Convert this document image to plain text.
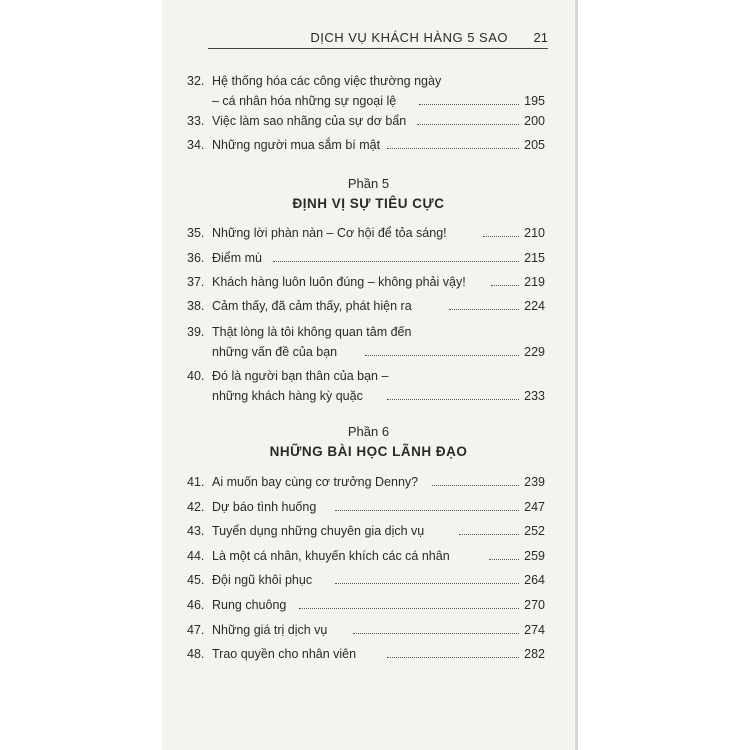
DỊCH VỤ KHÁCH HÀNG 5 SAO 21
32. Hệ thống hóa các công việc thường ngày
– cá nhân hóa những sự ngoại lệ	195
33. Việc làm sao nhãng của sự dơ bẩn	200
34. Những người mua sắm bí mật	205
Phần 5
ĐỊNH VỊ SỰ TIÊU CỰC
35. Những lời phàn nàn – Cơ hội để tỏa sáng!	210
36. Điểm mù	215
37. Khách hàng luôn luôn đúng – không phải vậy!	219
38. Cảm thấy, đã cảm thấy, phát hiện ra	224
39. Thật lòng là tôi không quan tâm đến
những vấn đề của bạn	229
40. Đó là người bạn thân của bạn –
những khách hàng kỳ quặc	233
Phần 6
NHỮNG BÀI HỌC LÃNH ĐẠO
41. Ai muốn bay cùng cơ trưởng Denny?	239
42. Dự báo tình huống	247
43. Tuyển dụng những chuyên gia dịch vụ	252
44. Là một cá nhân, khuyến khích các cá nhân	259
45. Đội ngũ khôi phục	264
46. Rung chuông	270
47. Những giá trị dịch vụ	274
48. Trao quyền cho nhân viên	282
